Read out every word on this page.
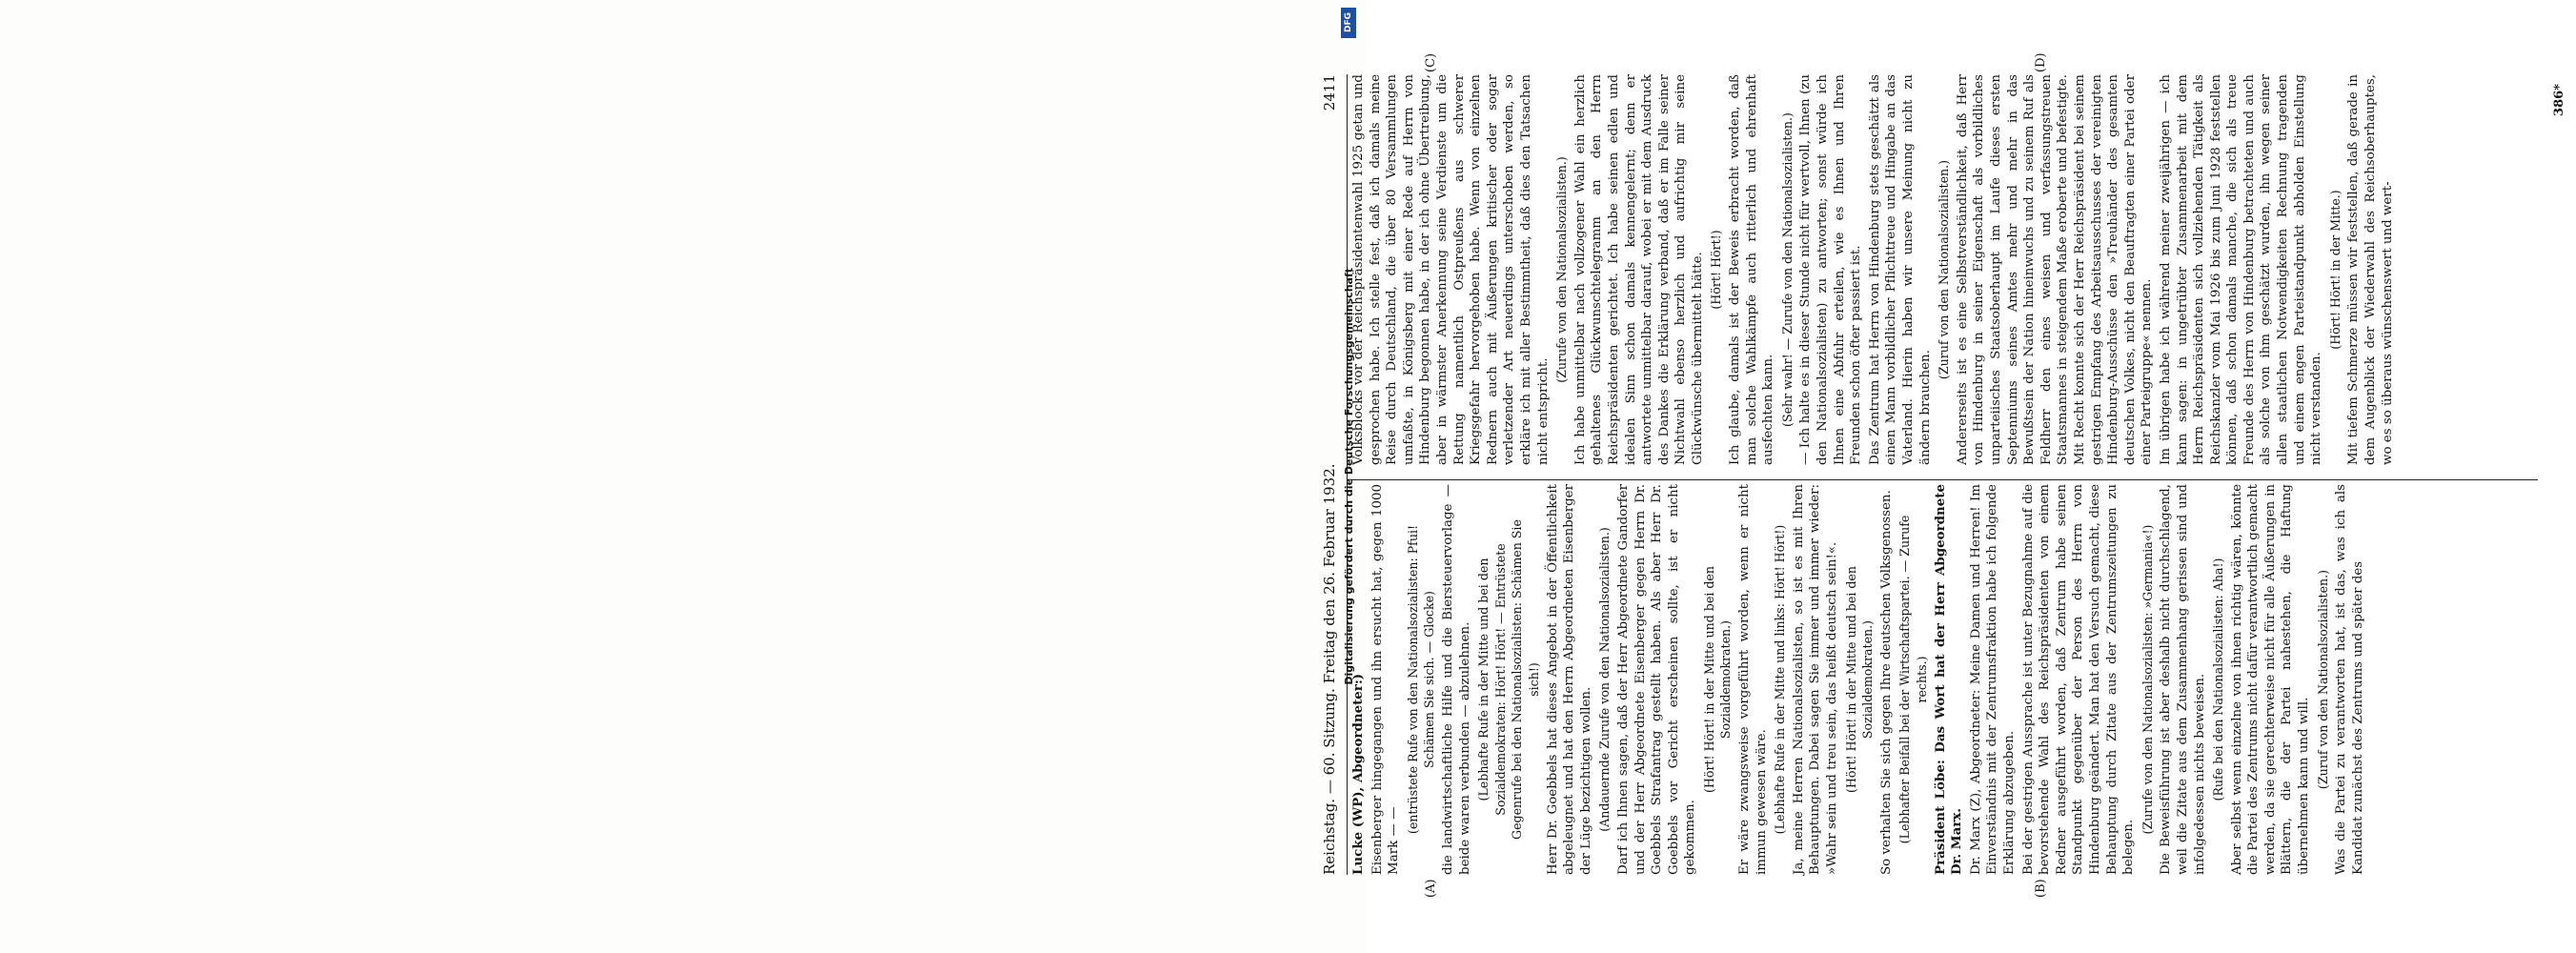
Reichstag. — 60. Sitzung. Freitag den 26. Februar 1932.
2411
(A)	(B)
(C)	(D)

Lucke (WP), Abgeordneter:) Eisenberger hingegangen und ihn ersucht hat, gegen 1000 Mark — —

(entrüstete Rufe von den Nationalsozialisten: Pfui! Schämen Sie sich. — Glocke) die landwirtschaftliche Hilfe und die Biersteuervorlage — beide waren verbunden — abzulehnen. (Lebhafte Rufe in der Mitte und bei den Sozialdemokraten: Hört! Hört! — Entrüstete Gegenrufe bei den Nationalsozialisten: Schämen Sie sich!) Herr Dr. Goebbels hat dieses Angebot in der Öffentlichkeit abgeleugnet und hat den Herrn Abgeordneten Eisenberger der Lüge bezichtigen wollen. (Andauernde Zurufe von den Nationalsozialisten.) Darf ich Ihnen sagen, daß der Herr Abgeordnete Gandorfer und der Herr Abgeordnete Eisenberger gegen Herrn Dr. Goebbels Strafantrag gestellt haben. Als aber Herr Dr. Goebbels vor Gericht erscheinen sollte, ist er nicht gekommen.

(Hört! Hört! in der Mitte und bei den Sozialdemokraten.) Er wäre zwangsweise vorgeführt worden, wenn er nicht immun gewesen wäre. (Lebhafte Rufe in der Mitte und links: Hört! Hört!) Ja, meine Herren Nationalsozialisten, so ist es mit Ihren Behauptungen. Dabei sagen Sie immer und immer wieder: »Wahr sein und treu sein, das heißt deutsch sein!«. (Hört! Hört! in der Mitte und bei den Sozialdemokraten.) So verhalten Sie sich gegen Ihre deutschen Volksgenossen. (Lebhafter Beifall bei der Wirtschaftspartei. — Zurufe rechts.) Präsident Löbe: Das Wort hat der Herr Abgeordnete Dr. Marx. Dr. Marx (Z), Abgeordneter: Meine Damen und Herren! Im Einverständnis mit der Zentrumsfraktion habe ich folgende Erklärung abzugeben. Bei der gestrigen Aussprache ist unter Bezugnahme auf die bevorstehende Wahl des Reichspräsidenten von einem Redner ausgeführt worden, daß Zentrum habe seinen Standpunkt gegenüber der Person des Herrn von Hindenburg geändert. Man hat den Versuch gemacht, diese Behauptung durch Zitate aus der Zentrumszeitungen zu belegen.

(Zurufe von den Nationalsozialisten: »Germania«!) Die Beweisführung ist aber deshalb nicht durchschlagend, weil die Zitate aus dem Zusammenhang gerissen sind und infolgedessen nichts beweisen. (Rufe bei den Nationalsozialisten: Aha!) Aber selbst wenn einzelne von ihnen richtig wären, könnte die Partei des Zentrums nicht dafür verantwortlich gemacht werden, da sie gerechterweise nicht für alle Äußerungen in Blättern, die der Partei nahestehen, die Haftung übernehmen kann und will. (Zuruf von den Nationalsozialisten.) Was die Partei zu verantworten hat, ist das, was ich als Kandidat zunächst des Zentrums und später des

Volksblocks vor der Reichspräsidentenwahl 1925 getan und gesprochen habe. Ich stelle fest, daß ich damals meine Reise durch Deutschland, die über 80 Versammlungen umfaßte, in Königsberg mit einer Rede auf Herrn von Hindenburg begonnen habe, in der ich ohne Übertreibung, aber in wärmster Anerkennung seine Verdienste um die Rettung namentlich Ostpreußens aus schwerer Kriegsgefahr hervorgehoben habe. Wenn von einzelnen Rednern auch mit Äußerungen kritischer oder sogar verletzender Art neuerdings unterschoben werden, so erkläre ich mit aller Bestimmtheit, daß dies den Tatsachen nicht entspricht.

(Zurufe von den Nationalsozialisten.) Ich habe unmittelbar nach vollzogener Wahl ein herzlich gehaltenes Glückwunschtelegramm an den Herrn Reichspräsidenten gerichtet. Ich habe seinen edlen und idealen Sinn schon damals kennengelernt; denn er antwortete unmittelbar darauf, wobei er mit dem Ausdruck des Dankes die Erklärung verband, daß er im Falle seiner Nichtwahl ebenso herzlich und aufrichtig mir seine Glückwünsche übermittelt hätte. (Hört! Hört!) Ich glaube, damals ist der Beweis erbracht worden, daß man solche Wahlkämpfe auch ritterlich und ehrenhaft ausfechten kann. (Sehr wahr! — Zurufe von den Nationalsozialisten.) — Ich halte es in dieser Stunde nicht für wertvoll, Ihnen (zu den Nationalsozialisten) zu antworten; sonst würde ich Ihnen eine Abfuhr erteilen, wie es Ihnen und Ihren Freunden schon öfter passiert ist. Das Zentrum hat Herrn von Hindenburg stets geschätzt als einen Mann vorbildlicher Pflichttreue und Hingabe an das Vaterland. Hierin haben wir unsere Meinung nicht zu ändern brauchen.

(Zuruf von den Nationalsozialisten.) Andererseits ist es eine Selbstverständlichkeit, daß Herr von Hindenburg in seiner Eigenschaft als vorbildliches unparteiisches Staatsoberhaupt im Laufe dieses ersten Septenniums seines Amtes mehr und mehr in das Bewußtsein der Nation hineinwuchs und zu seinem Ruf als Feldherr den eines weisen und verfassungstreuen Staatsmannes in steigendem Maße eroberte und befestigte. Mit Recht konnte sich der Herr Reichspräsident bei seinem gestrigen Empfang des Arbeitsausschusses der vereinigten Hindenburg-Ausschüsse den »Treuhänder des gesamten deutschen Volkes, nicht den Beauftragten einer Partei oder einer Parteigruppe« nennen. Im übrigen habe ich während meiner zweijährigen — ich kann sagen: in ungetrübter Zusammenarbeit mit dem Herrn Reichspräsidenten sich vollziehenden Tätigkeit als Reichskanzler vom Mai 1926 bis zum Juni 1928 feststellen können, daß schon damals manche, die sich als treue Freunde des Herrn von Hindenburg betrachteten und auch als solche von ihm geschätzt wurden, ihn wegen seiner allen staatlichen Notwendigkeiten Rechnung tragenden und einem engen Parteistandpunkt abholden Einstellung nicht verstanden.

(Hört! Hört! in der Mitte.) Mit tiefem Schmerze müssen wir feststellen, daß gerade in dem Augenblick der Wiederwahl des Reichsoberhauptes, wo es so überaus wünschenswert und wert-

386*
DFG
Digitalisierung gefördert durch die Deutsche Forschungsgemeinschaft
